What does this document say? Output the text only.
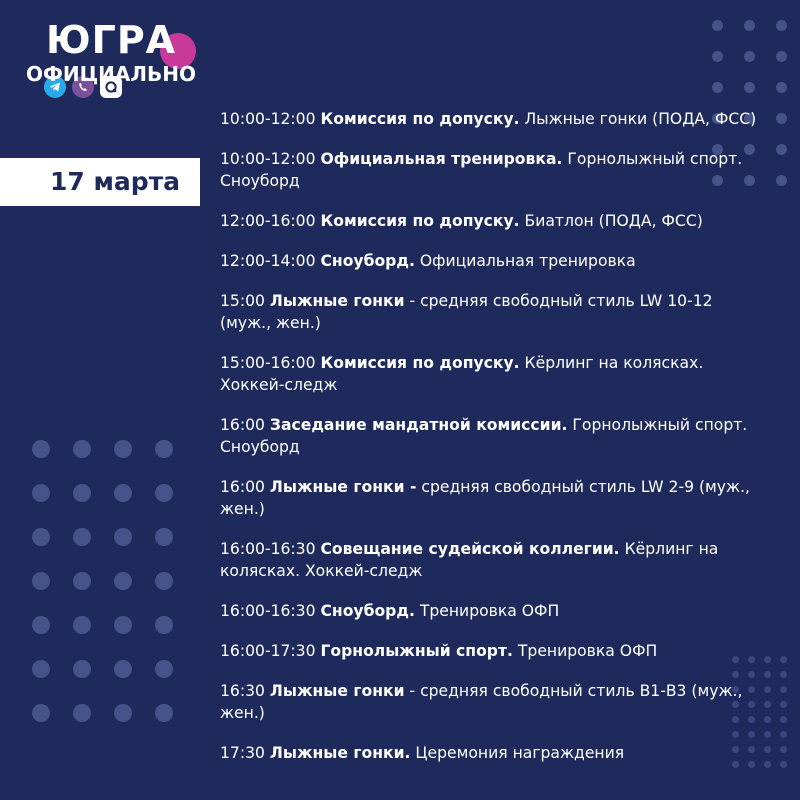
ЮГРА
ОФИЦИАЛЬНО
17 марта
10:00-12:00 Комиссия по допуску. Лыжные гонки (ПОДА, ФСС)
10:00-12:00 Официальная тренировка. Горнолыжный спорт. Сноуборд
12:00-16:00 Комиссия по допуску. Биатлон (ПОДА, ФСС)
12:00-14:00 Сноуборд. Официальная тренировка
15:00 Лыжные гонки - средняя свободный стиль LW 10-12 (муж., жен.)
15:00-16:00 Комиссия по допуску. Кёрлинг на колясках. Хоккей-следж
16:00 Заседание мандатной комиссии. Горнолыжный спорт. Сноуборд
16:00 Лыжные гонки - средняя свободный стиль LW 2-9 (муж., жен.)
16:00-16:30 Совещание судейской коллегии. Кёрлинг на колясках. Хоккей-следж
16:00-16:30 Сноуборд. Тренировка ОФП
16:00-17:30 Горнолыжный спорт. Тренировка ОФП
16:30 Лыжные гонки - средняя свободный стиль В1-В3 (муж., жен.)
17:30 Лыжные гонки. Церемония награждения
